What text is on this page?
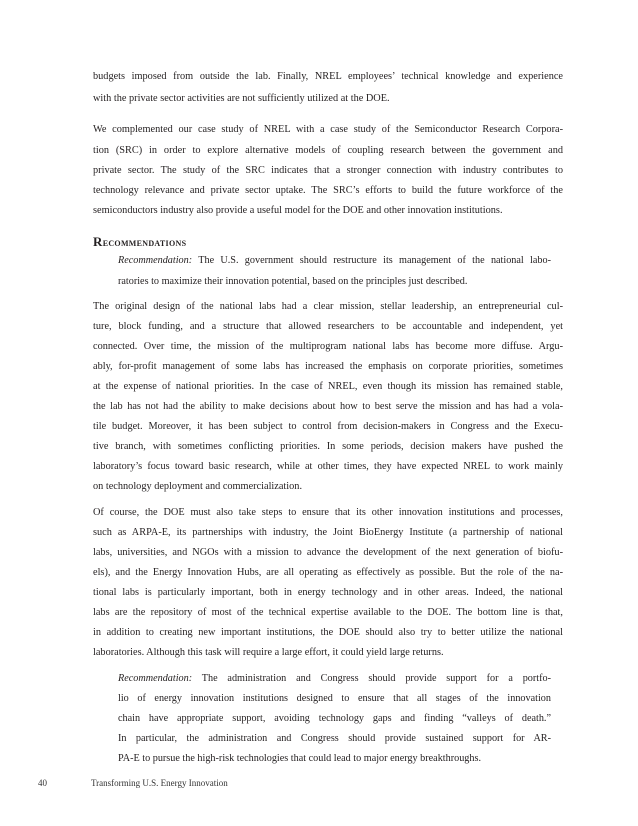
budgets imposed from outside the lab. Finally, NREL employees’ technical knowledge and experience
with the private sector activities are not sufficiently utilized at the DOE.
We complemented our case study of NREL with a case study of the Semiconductor Research Corpora-
tion (SRC) in order to explore alternative models of coupling research between the government and
private sector. The study of the SRC indicates that a stronger connection with industry contributes to
technology relevance and private sector uptake. The SRC’s efforts to build the future workforce of the
semiconductors industry also provide a useful model for the DOE and other innovation institutions.
Recommendations
Recommendation: The U.S. government should restructure its management of the national labo-
ratories to maximize their innovation potential, based on the principles just described.
The original design of the national labs had a clear mission, stellar leadership, an entrepreneurial cul-
ture, block funding, and a structure that allowed researchers to be accountable and independent, yet
connected. Over time, the mission of the multiprogram national labs has become more diffuse. Argu-
ably, for-profit management of some labs has increased the emphasis on corporate priorities, sometimes
at the expense of national priorities. In the case of NREL, even though its mission has remained stable,
the lab has not had the ability to make decisions about how to best serve the mission and has had a vola-
tile budget. Moreover, it has been subject to control from decision-makers in Congress and the Execu-
tive branch, with sometimes conflicting priorities. In some periods, decision makers have pushed the
laboratory’s focus toward basic research, while at other times, they have expected NREL to work mainly
on technology deployment and commercialization.
Of course, the DOE must also take steps to ensure that its other innovation institutions and processes,
such as ARPA-E, its partnerships with industry, the Joint BioEnergy Institute (a partnership of national
labs, universities, and NGOs with a mission to advance the development of the next generation of biofu-
els), and the Energy Innovation Hubs, are all operating as effectively as possible. But the role of the na-
tional labs is particularly important, both in energy technology and in other areas. Indeed, the national
labs are the repository of most of the technical expertise available to the DOE. The bottom line is that,
in addition to creating new important institutions, the DOE should also try to better utilize the national
laboratories. Although this task will require a large effort, it could yield large returns.
Recommendation: The administration and Congress should provide support for a portfo-
lio of energy innovation institutions designed to ensure that all stages of the innovation
chain have appropriate support, avoiding technology gaps and finding “valleys of death.”
In particular, the administration and Congress should provide sustained support for AR-
PA-E to pursue the high-risk technologies that could lead to major energy breakthroughs.
40	Transforming U.S. Energy Innovation
